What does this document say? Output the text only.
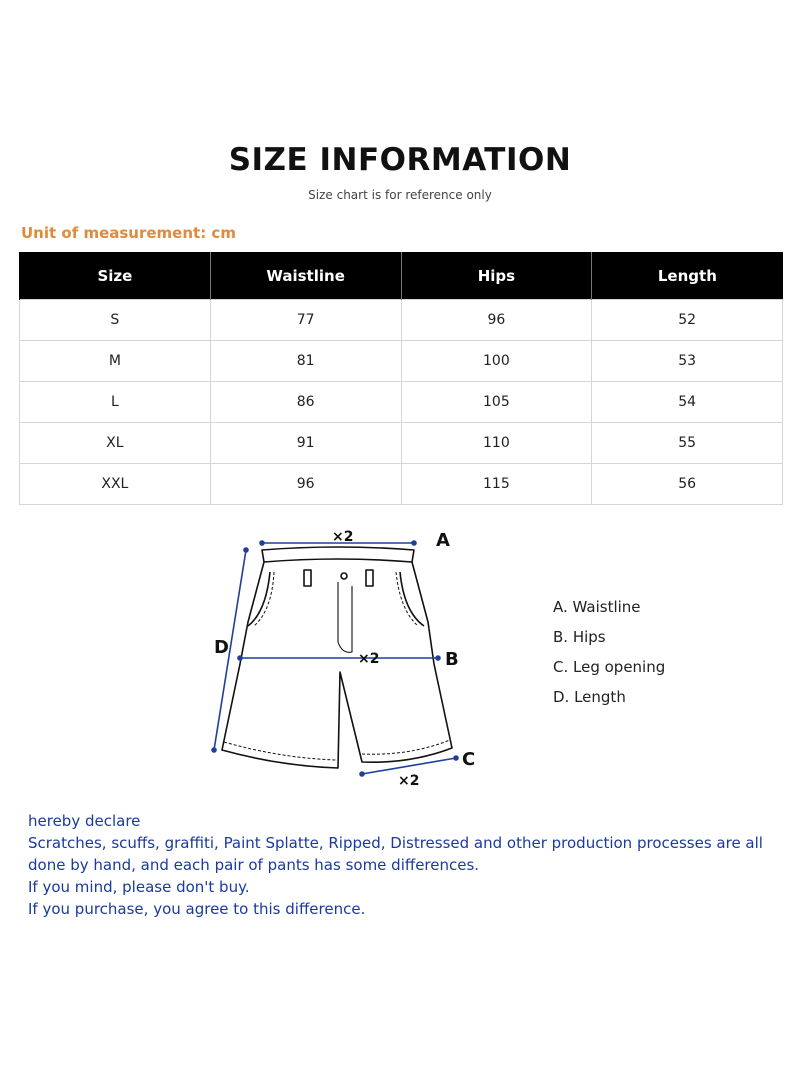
SIZE INFORMATION
Size chart is for reference only
Unit of measurement: cm
Size	Waistline	Hips	Length
S	77	96	52
M	81	100	53
L	86	105	54
XL	91	110	55
XXL	96	115	56
×2
×2
×2
A
B
C
D
A. Waistline
B. Hips
C. Leg opening
D. Length
hereby declare
Scratches, scuffs, graffiti, Paint Splatte, Ripped, Distressed and other production processes are all done by hand, and each pair of pants has some differences.
If you mind, please don't buy.
If you purchase, you agree to this difference.
